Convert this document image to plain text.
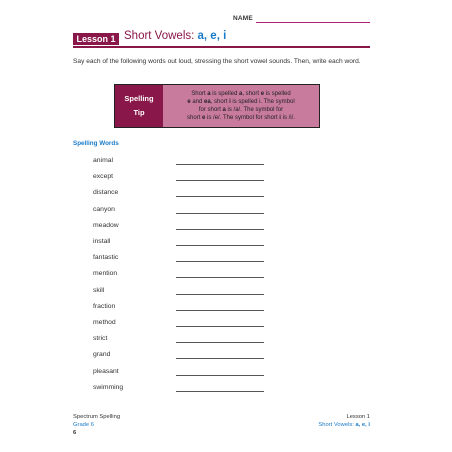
NAME
Lesson 1 Short Vowels: a, e, i
Say each of the following words out loud, stressing the short vowel sounds. Then, write each word.
Spelling
Tip
Short a is spelled a, short e is spelled
e and ea, short i is spelled i. The symbol
for short a is /a/. The symbol for
short e is /e/. The symbol for short i is /i/.
Spelling Words
animal
except
distance
canyon
meadow
install
fantastic
mention
skill
fraction
method
strict
grand
pleasant
swimming
Spectrum Spelling
Grade 6
6
Lesson 1
Short Vowels: a, e, i
